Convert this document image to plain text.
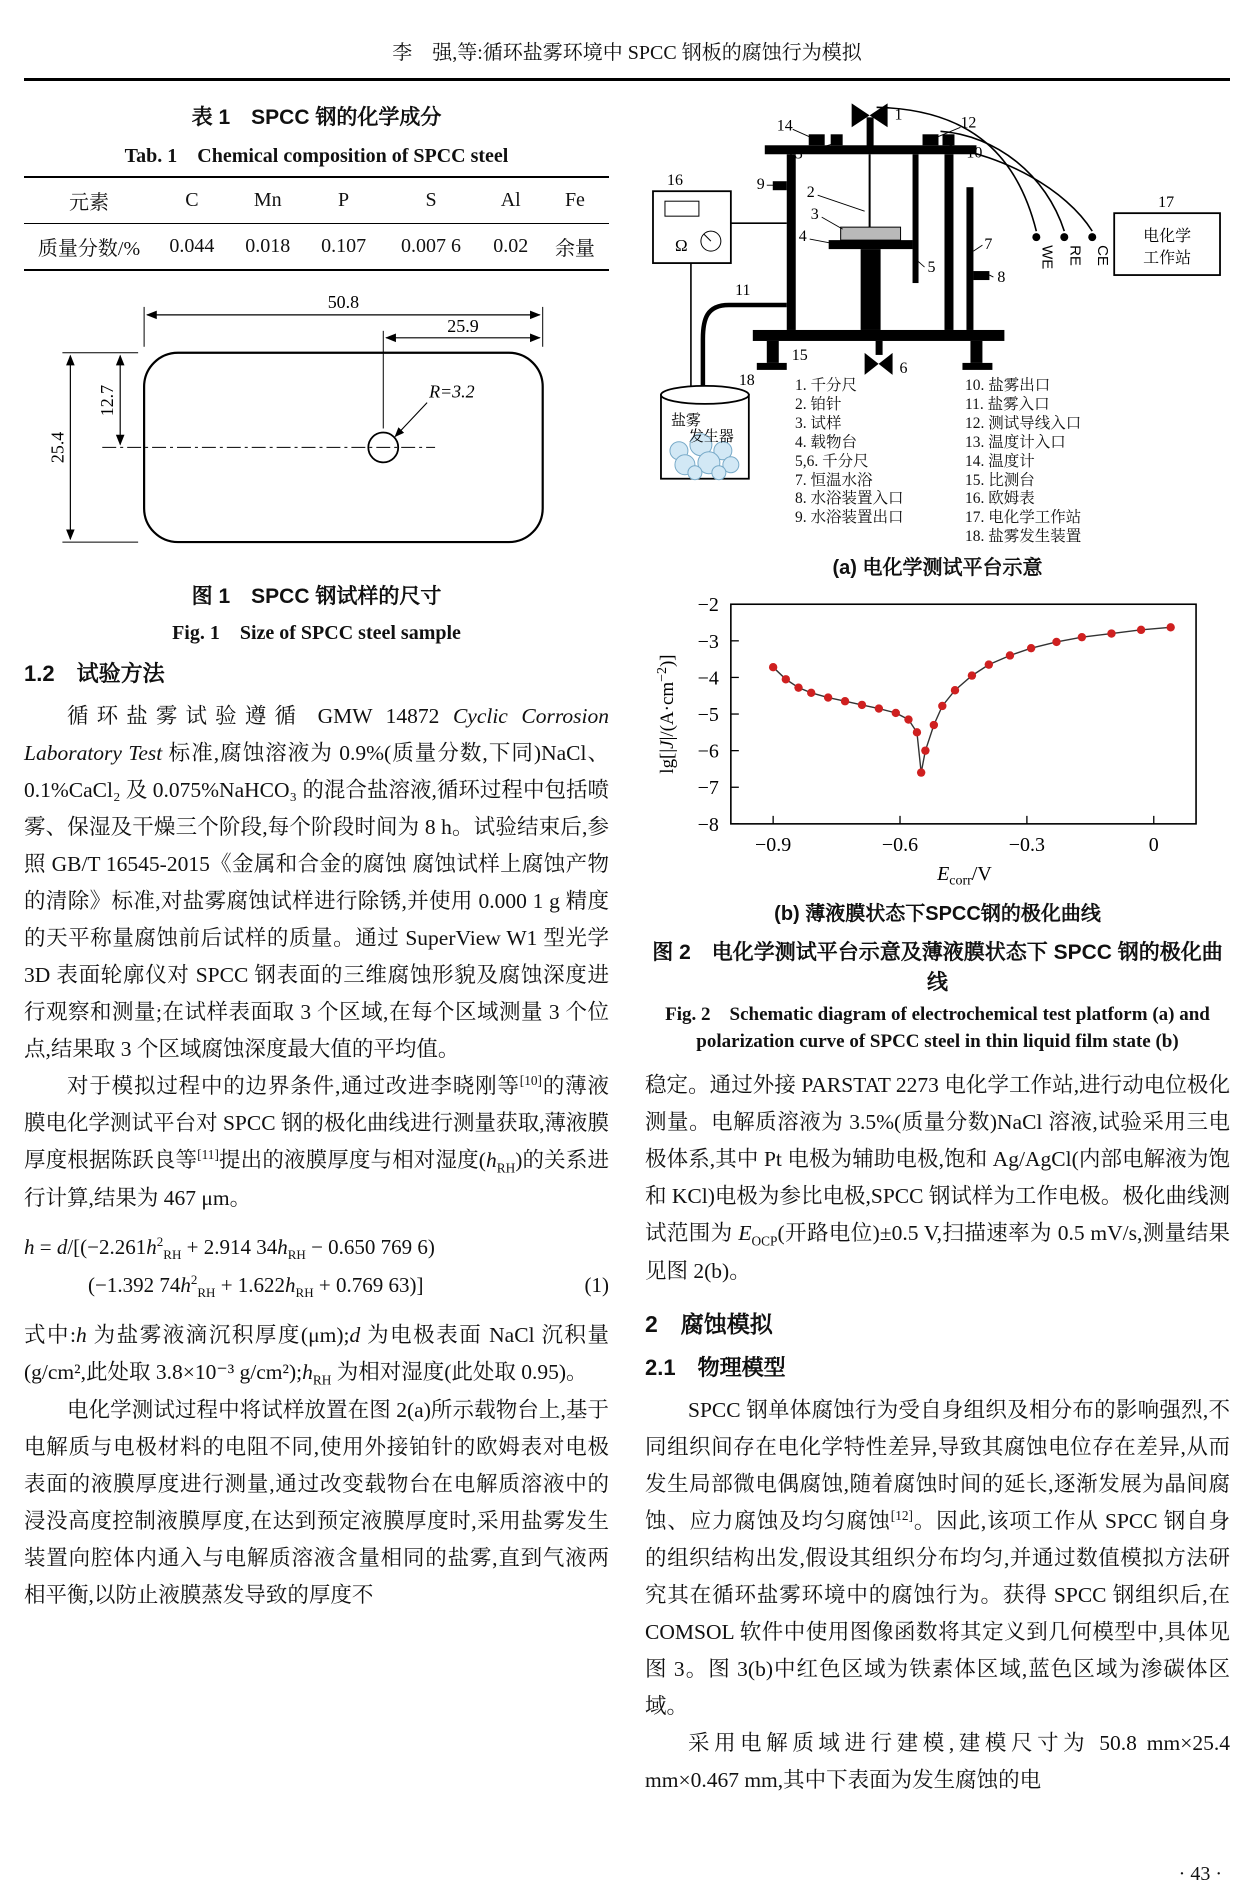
李　强,等:循环盐雾环境中 SPCC 钢板的腐蚀行为模拟
表 1　SPCC 钢的化学成分
Tab. 1　Chemical composition of SPCC steel
元素	C	Mn	P	S	Al	Fe
质量分数/%	0.044	0.018	0.107	0.007 6	0.02	余量
50.8
25.9
25.4
12.7	R=3.2
图 1　SPCC 钢试样的尺寸
Fig. 1　Size of SPCC steel sample
1.2　试验方法

循环盐雾试验遵循 GMW 14872 Cyclic Corrosion Laboratory Test 标准,腐蚀溶液为 0.9%(质量分数,下同)NaCl、0.1%CaCl₂ 及 0.075%NaHCO₃ 的混合盐溶液,循环过程中包括喷雾、保湿及干燥三个阶段,每个阶段时间为 8 h。试验结束后,参照 GB/T 16545-2015《金属和合金的腐蚀 腐蚀试样上腐蚀产物的清除》标准,对盐雾腐蚀试样进行除锈,并使用 0.000 1 g 精度的天平称量腐蚀前后试样的质量。通过 SuperView W1 型光学 3D 表面轮廓仪对 SPCC 钢表面的三维腐蚀形貌及腐蚀深度进行观察和测量;在试样表面取 3 个区域,在每个区域测量 3 个位点,结果取 3 个区域腐蚀深度最大值的平均值。

对于模拟过程中的边界条件,通过改进李晓刚等[10]的薄液膜电化学测试平台对 SPCC 钢的极化曲线进行测量获取,薄液膜厚度根据陈跃良等[11]提出的液膜厚度与相对湿度$(h_{RH})$的关系进行计算,结果为 467 μm。

$h = d/[(-2.261h^2_{RH} + 2.914$ $34h_{RH} - 0.650$ 769 6)
(−1.392 $74h^2_{RH} + 1.622h_{RH} + 0.769$ 63)]	(1)

式中:h 为盐雾液滴沉积厚度(μm);d 为电极表面 NaCl 沉积量(g/cm²,此处取 3.8×10⁻³ $g/cm^2);h_{RH}$ 为相对湿度(此处取 0.95)。

电化学测试过程中将试样放置在图 2(a)所示载物台上,基于电解质与电极材料的电阻不同,使用外接铂针的欧姆表对电极表面的液膜厚度进行测量,通过改变载物台在电解质溶液中的浸没高度控制液膜厚度,在达到预定液膜厚度时,采用盐雾发生装置向腔体内通入与电解质溶液含量相同的盐雾,直到气液两相平衡,以防止液膜蒸发导致的厚度不

Ω
盐雾
发生器
WE RE CE
电化学
工作站
1
2
3
4
5
6
7
8
9
10
11
12
13
14
15
16
17
18	1. 千分尺
2. 铂针
3. 试样
4. 载物台
5,6. 千分尺
7. 恒温水浴
8. 水浴装置入口
9. 水浴装置出口
10. 盐雾出口
11. 盐雾入口
12. 测试导线入口
13. 温度计入口
14. 温度计
15. 比测台
16. 欧姆表
17. 电化学工作站
18. 盐雾发生装置
(a) 电化学测试平台示意
−0.9	−0.6	−0.3	0
−8
−7
−6
−5
−4
−3
−2
$\lg[|J|/(A\cdot cm^{-2})]$
$E_{corr}/V$
(b) 薄液膜状态下SPCC钢的极化曲线
图 2　电化学测试平台示意及薄液膜状态下 SPCC 钢的极化曲线
Fig. 2　Schematic diagram of electrochemical test platform (a) and
polarization curve of SPCC steel in thin liquid film state (b)

稳定。通过外接 PARSTAT 2273 电化学工作站,进行动电位极化测量。电解质溶液为 3.5%(质量分数)NaCl 溶液,试验采用三电极体系,其中 Pt 电极为辅助电极,饱和 Ag/AgCl(内部电解液为饱和 KCl)电极为参比电极,SPCC 钢试样为工作电极。极化曲线测试范围为 $E_{OCP}$(开路电位)±0.5 V,扫描速率为 0.5 mV/s,测量结果见图 2(b)。

2　腐蚀模拟
2.1　物理模型

SPCC 钢单体腐蚀行为受自身组织及相分布的影响强烈,不同组织间存在电化学特性差异,导致其腐蚀电位存在差异,从而发生局部微电偶腐蚀,随着腐蚀时间的延长,逐渐发展为晶间腐蚀、应力腐蚀及均匀腐蚀[12]。因此,该项工作从 SPCC 钢自身的组织结构出发,假设其组织分布均匀,并通过数值模拟方法研究其在循环盐雾环境中的腐蚀行为。获得 SPCC 钢组织后,在 COMSOL 软件中使用图像函数将其定义到几何模型中,具体见图 3。图 3(b)中红色区域为铁素体区域,蓝色区域为渗碳体区域。

采用电解质域进行建模,建模尺寸为 50.8 mm×25.4 mm×0.467 mm,其中下表面为发生腐蚀的电

· 43 ·
